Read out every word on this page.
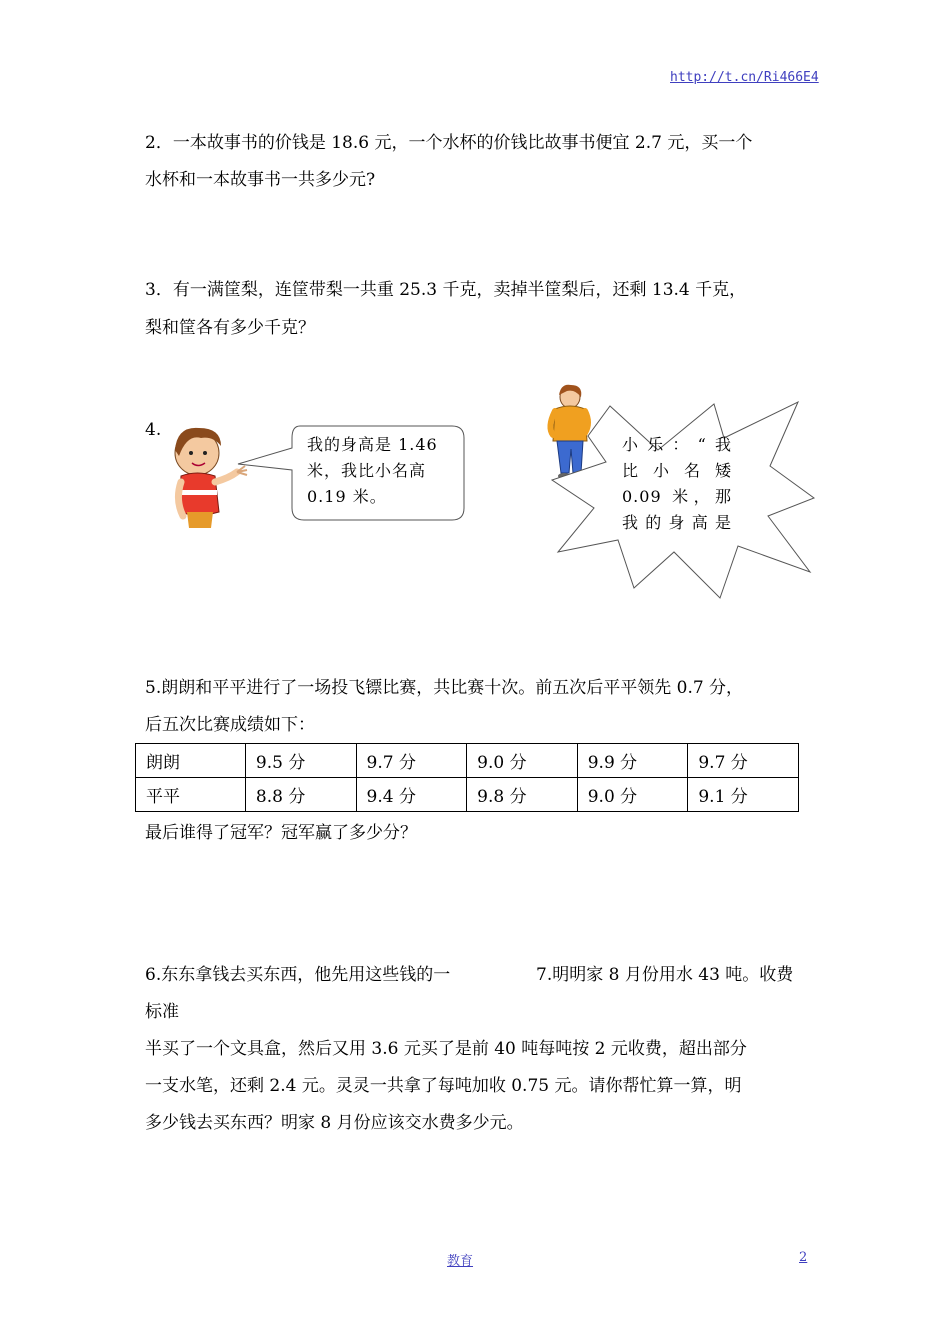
http://t.cn/Ri466E4
2．一本故事书的价钱是 18.6 元，一个水杯的价钱比故事书便宜 2.7 元，买一个
水杯和一本故事书一共多少元?
3．有一满筐梨，连筐带梨一共重 25.3 千克，卖掉半筐梨后，还剩 13.4 千克，
梨和筐各有多少千克？
4.
我的身高是 1.46
米，我比小名高
0.19 米。
小乐：“我
比 小 名 矮
0.09 米，那
我的身高是
5.朗朗和平平进行了一场投飞镖比赛，共比赛十次。前五次后平平领先 0.7 分，
后五次比赛成绩如下：
朗朗	9.5 分	9.7 分	9.0 分	9.9 分	9.7 分
平平	8.8 分	9.4 分	9.8 分	9.0 分	9.1 分
最后谁得了冠军？冠军赢了多少分？
6.东东拿钱去买东西，他先用这些钱的一	7.明明家 8 月份用水 43 吨。收费
标准
半买了一个文具盒，然后又用 3.6 元买了是前 40 吨每吨按 2 元收费，超出部分
一支水笔，还剩 2.4 元。灵灵一共拿了每吨加收 0.75 元。请你帮忙算一算，明
多少钱去买东西？明家 8 月份应该交水费多少元。
教育	2
